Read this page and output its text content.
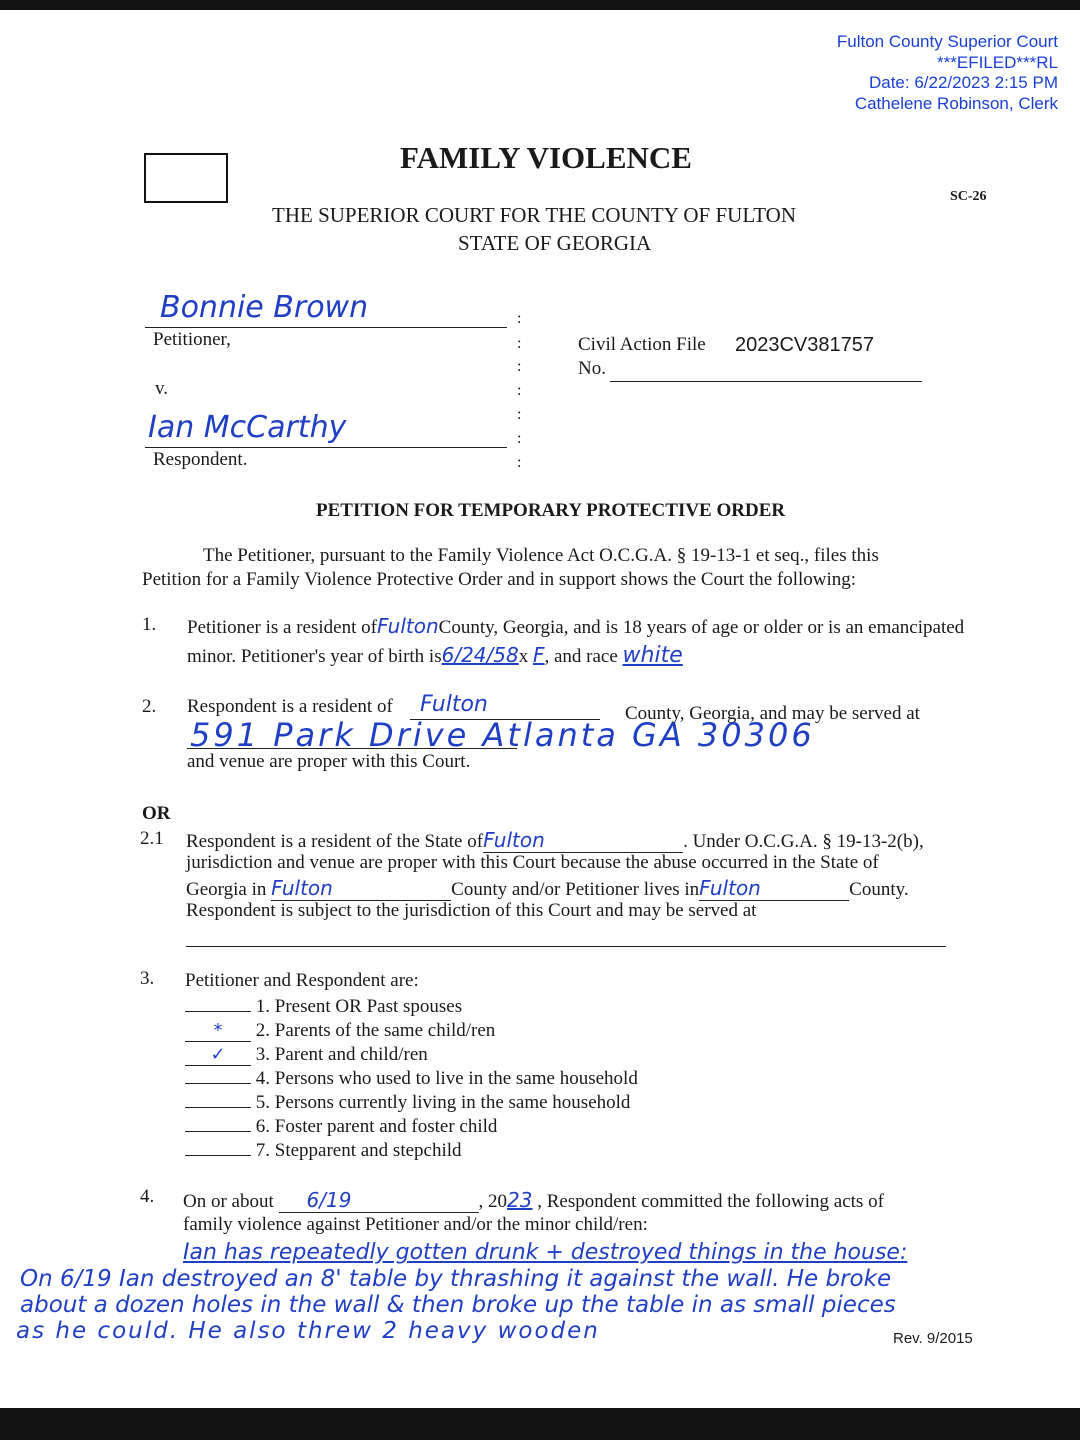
Fulton County Superior Court
***EFILED***RL
Date: 6/22/2023 2:15 PM
Cathelene Robinson, Clerk
FAMILY VIOLENCE
SC-26
THE SUPERIOR COURT FOR THE COUNTY OF FULTON
STATE OF GEORGIA
Bonnie Brown
Petitioner,
v.
Ian McCarthy
Respondent.
:
:
:
:
:
:
:
Civil Action File 2023CV381757
No.
PETITION FOR TEMPORARY PROTECTIVE ORDER
The Petitioner, pursuant to the Family Violence Act O.C.G.A. § 19-13-1 et seq., files this
Petition for a Family Violence Protective Order and in support shows the Court the following:
1. Petitioner is a resident ofFultonCounty, Georgia, and is 18 years of age or older or is an emancipated
minor. Petitioner's year of birth is6/24/58x F, and race white
2. Respondent is a resident of Fulton	County, Georgia, and may be served at
591 Park Drive Atlanta GA 30306
and venue are proper with this Court.
OR
2.1 Respondent is a resident of the State ofFulton	. Under O.C.G.A. § 19-13-2(b),
jurisdiction and venue are proper with this Court because the abuse occurred in the State of
Georgia in Fulton	County and/or Petitioner lives inFulton	County.
Respondent is subject to the jurisdiction of this Court and may be served at
3. Petitioner and Respondent are:
1. Present OR Past spouses
* 2. Parents of the same child/ren
✓ 3. Parent and child/ren
4. Persons who used to live in the same household
5. Persons currently living in the same household
6. Foster parent and foster child
7. Stepparent and stepchild
4. On or about 6/19	, 2023 , Respondent committed the following acts of
family violence against Petitioner and/or the minor child/ren:
Ian has repeatedly gotten drunk + destroyed things in the house:
On 6/19 Ian destroyed an 8' table by thrashing it against the wall. He broke
about a dozen holes in the wall & then broke up the table in as small pieces
as he could. He also threw 2 heavy wooden	Rev. 9/2015
